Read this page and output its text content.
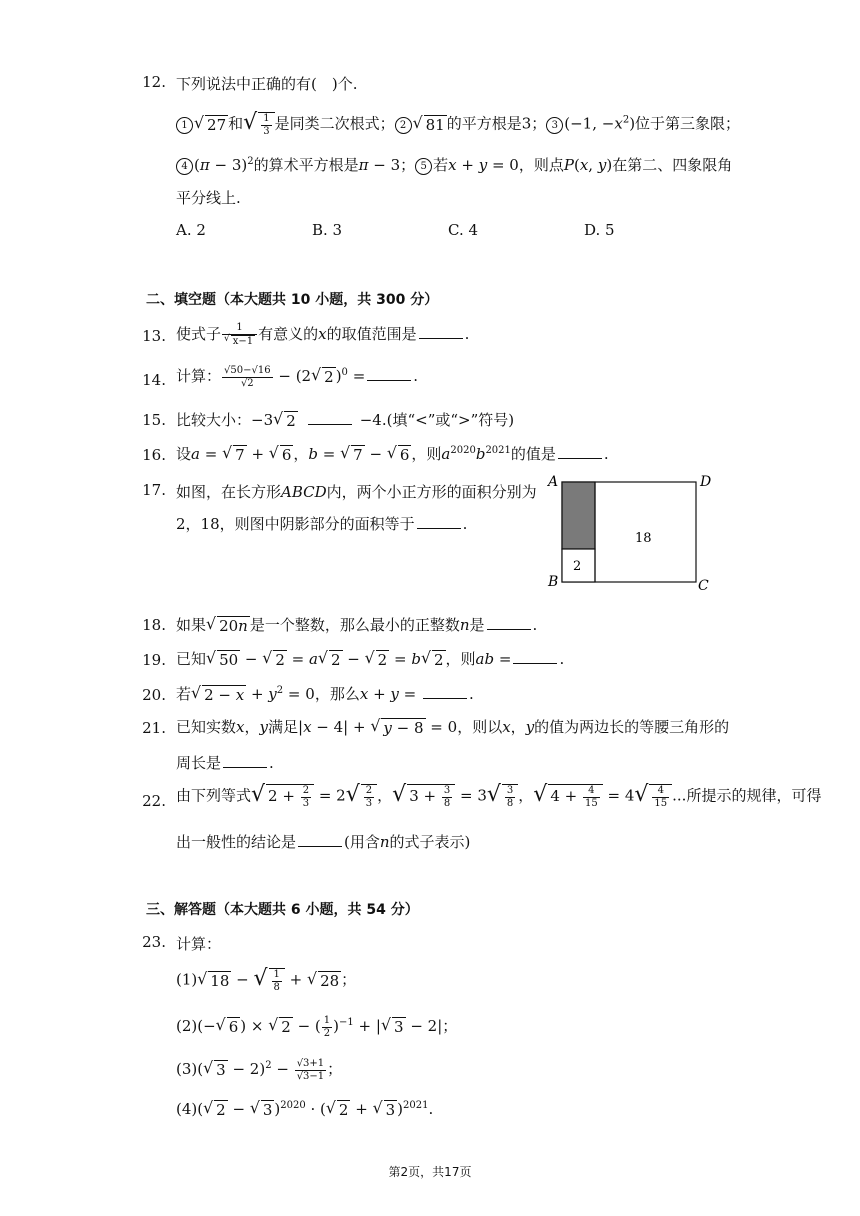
12. 下列说法中正确的有(　)个.
1 √ 27 和 √ $\frac{1}{3}$ 是同类二次根式； 2 √ 81 的平方根是3； 3 (−1, $-x^2$)位于第三象限；
4 $(\pi - 3)^2$的算术平方根是π − 3； 5 若x + y = 0，则点P(x, y)在第二、四象限角
平分线上.
A. 2	B. 3	C. 4	D. 5
二、填空题（本大题共 10 小题，共 300 分）
13. 使式子 $\frac{1}{√ x-1}$ 有意义的x的取值范围是	.
14. 计算： $\frac{√50-√16}{√2} - (2$ √ 2 )$^0$ =	.
15. 比较大小：−3 √ 2	−4.(填“<”或“>”符号)
16. 设a = √ 7 + √ 6 ，b = √ 7 − √ 6 ，则$a^{2020}b^{2021}$的值是	.
17. 如图，在长方形ABCD内，两个小正方形的面积分别为
2，18，则图中阴影部分的面积等于	.
A
B	C
D
2
18
18. 如果 √ 20n 是一个整数，那么最小的正整数n是	.
19. 已知 √ 50 − √ 2 = a √ 2 − √ 2 = b √ 2 ，则ab =	.
20. 若 √ $2 - x + y^2 = 0$，那么x + y =	.
21. 已知实数x，y满足|x − 4| + √ y − 8 = 0，则以x，y的值为两边长的等腰三角形的
周长是	.
22. 由下列等式 √ $2 + \frac{2}{3} = 2$ √ $\frac{2}{3}$ ， √ $3 + \frac{3}{8} = 3$ √ $\frac{3}{8}$ ， √ $4 + \frac{4}{15} = 4$ √ $\frac{4}{15}$ ...所提示的规律，可得
出一般性的结论是	(用含n的式子表示)
三、解答题（本大题共 6 小题，共 54 分）
23. 计算：
(1) √ 18 − √ $\frac{1}{8}$ + √ 28 ；
(2)(− √ 6 ) × √ 2 − ( $\frac{1}{2} )^{-1}$ + | √ 3 − 2|；
(3)( √ $3 - 2)^2 - \frac{√3+1}{√3-1}$ ；
(4)( √ 2 − √ 3 )$^{2020}$ · ( √ 2 + √ 3 )$^{2021}$.
第2页，共17页
